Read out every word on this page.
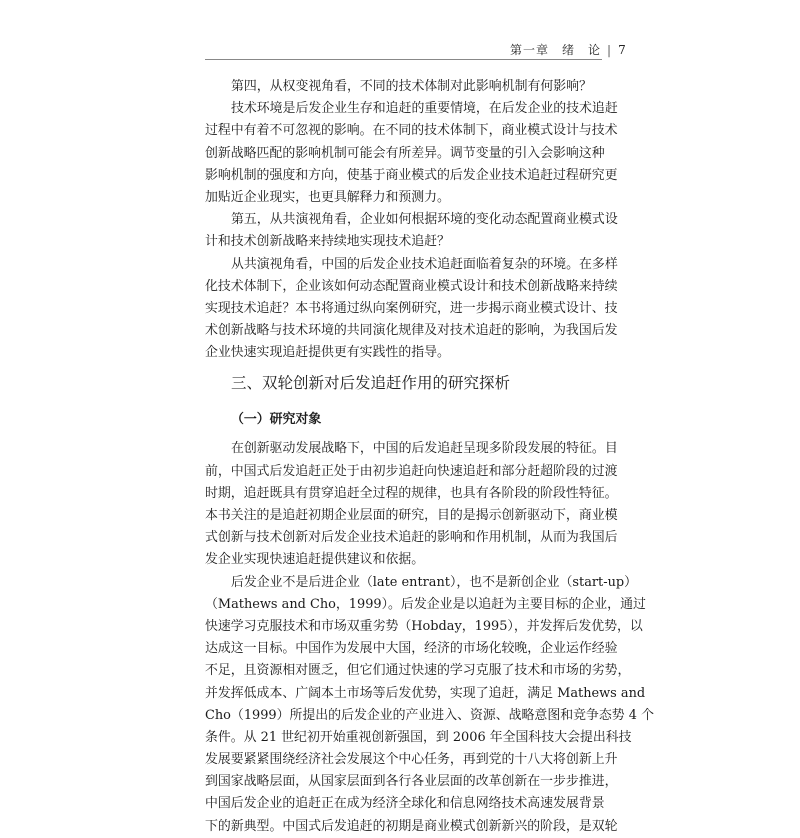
第一章　绪　论 | 7
第四，从权变视角看，不同的技术体制对此影响机制有何影响？
技术环境是后发企业生存和追赶的重要情境，在后发企业的技术追赶
过程中有着不可忽视的影响。在不同的技术体制下，商业模式设计与技术
创新战略匹配的影响机制可能会有所差异。调节变量的引入会影响这种
影响机制的强度和方向，使基于商业模式的后发企业技术追赶过程研究更
加贴近企业现实，也更具解释力和预测力。
第五，从共演视角看，企业如何根据环境的变化动态配置商业模式设
计和技术创新战略来持续地实现技术追赶？
从共演视角看，中国的后发企业技术追赶面临着复杂的环境。在多样
化技术体制下，企业该如何动态配置商业模式设计和技术创新战略来持续
实现技术追赶？本书将通过纵向案例研究，进一步揭示商业模式设计、技
术创新战略与技术环境的共同演化规律及对技术追赶的影响，为我国后发
企业快速实现追赶提供更有实践性的指导。
三、双轮创新对后发追赶作用的研究探析
（一）研究对象
在创新驱动发展战略下，中国的后发追赶呈现多阶段发展的特征。目
前，中国式后发追赶正处于由初步追赶向快速追赶和部分赶超阶段的过渡
时期，追赶既具有贯穿追赶全过程的规律，也具有各阶段的阶段性特征。
本书关注的是追赶初期企业层面的研究，目的是揭示创新驱动下，商业模
式创新与技术创新对后发企业技术追赶的影响和作用机制，从而为我国后
发企业实现快速追赶提供建议和依据。
后发企业不是后进企业（late entrant），也不是新创企业（start-up）
（Mathews and Cho，1999）。后发企业是以追赶为主要目标的企业，通过
快速学习克服技术和市场双重劣势（Hobday，1995），并发挥后发优势，以
达成这一目标。中国作为发展中大国，经济的市场化较晚，企业运作经验
不足，且资源相对匮乏，但它们通过快速的学习克服了技术和市场的劣势，
并发挥低成本、广阔本土市场等后发优势，实现了追赶，满足 Mathews and
Cho（1999）所提出的后发企业的产业进入、资源、战略意图和竞争态势 4 个
条件。从 21 世纪初开始重视创新强国，到 2006 年全国科技大会提出科技
发展要紧紧围绕经济社会发展这个中心任务，再到党的十八大将创新上升
到国家战略层面，从国家层面到各行各业层面的改革创新在一步步推进，
中国后发企业的追赶正在成为经济全球化和信息网络技术高速发展背景
下的新典型。中国式后发追赶的初期是商业模式创新新兴的阶段，是双轮
